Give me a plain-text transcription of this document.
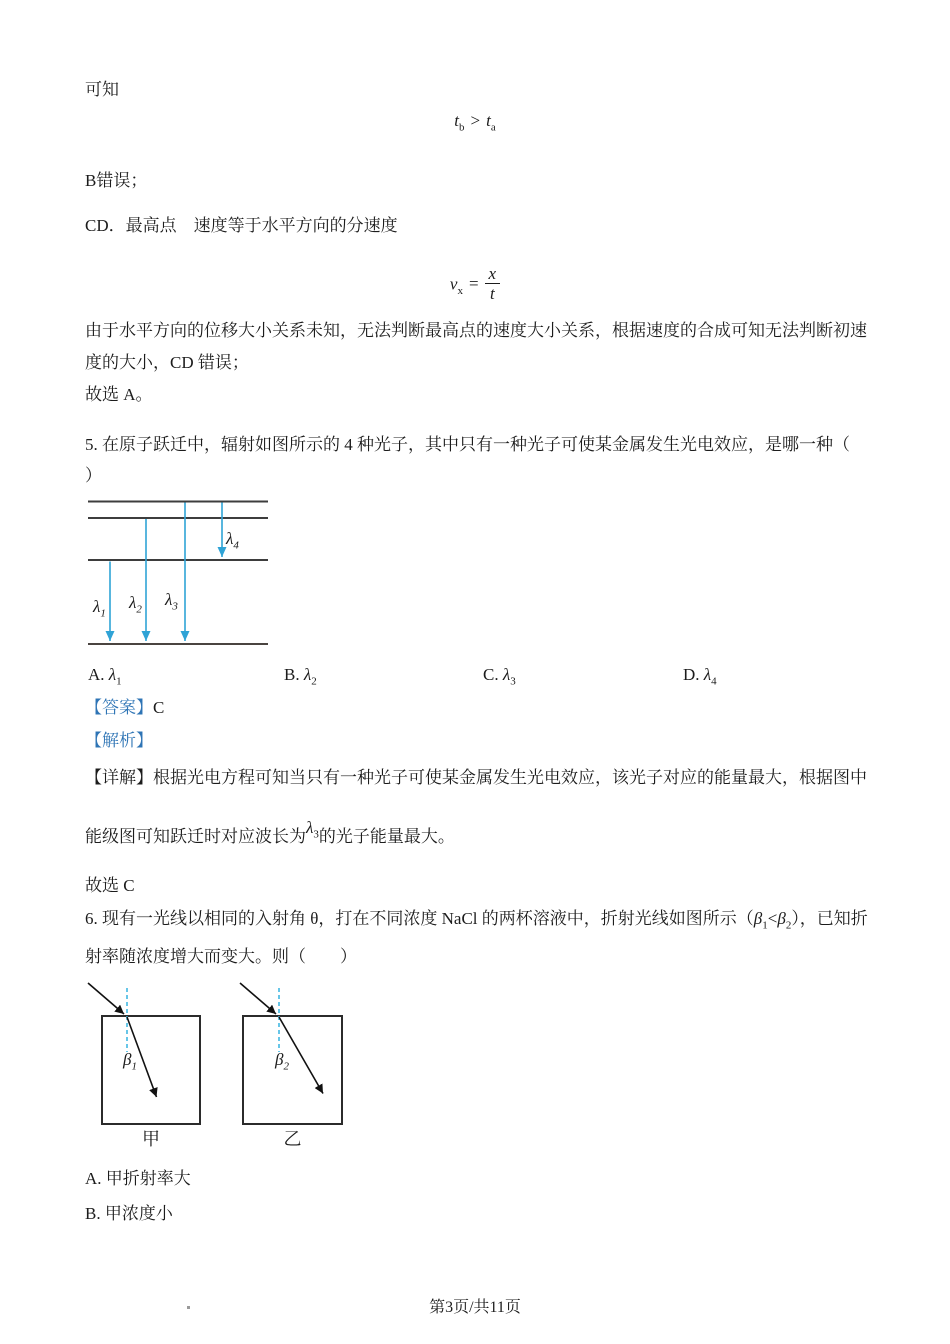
可知
$t_b > t_a$
B错误；
CD．最高点　速度等于水平方向的分速度
$v_x = \frac{x}{t}$
由于水平方向的位移大小关系未知，无法判断最高点的速度大小关系，根据速度的合成可知无法判断初速
度的大小，CD 错误；
故选 A。
5. 在原子跃迁中，辐射如图所示的 4 种光子，其中只有一种光子可使某金属发生光电效应，是哪一种（
）
$\lambda_1$
$\lambda_2$
$\lambda_3$
$\lambda_4$
A. $\lambda_1$	B. $\lambda_2$	C. $\lambda_3$	D. $\lambda_4$
【答案】C
【解析】
【详解】根据光电方程可知当只有一种光子可使某金属发生光电效应，该光子对应的能量最大，根据图中
能级图可知跃迁时对应波长为$\lambda_3$的光子能量最大。
故选 C
6. 现有一光线以相同的入射角 θ，打在不同浓度 NaCl 的两杯溶液中，折射光线如图所示$(\beta_1<\beta_2)$，已知折
射率随浓度增大而变大。则（　　）
$\beta_1$	$\beta_2$
甲	乙
A. 甲折射率大
B. 甲浓度小
第3页/共11页
